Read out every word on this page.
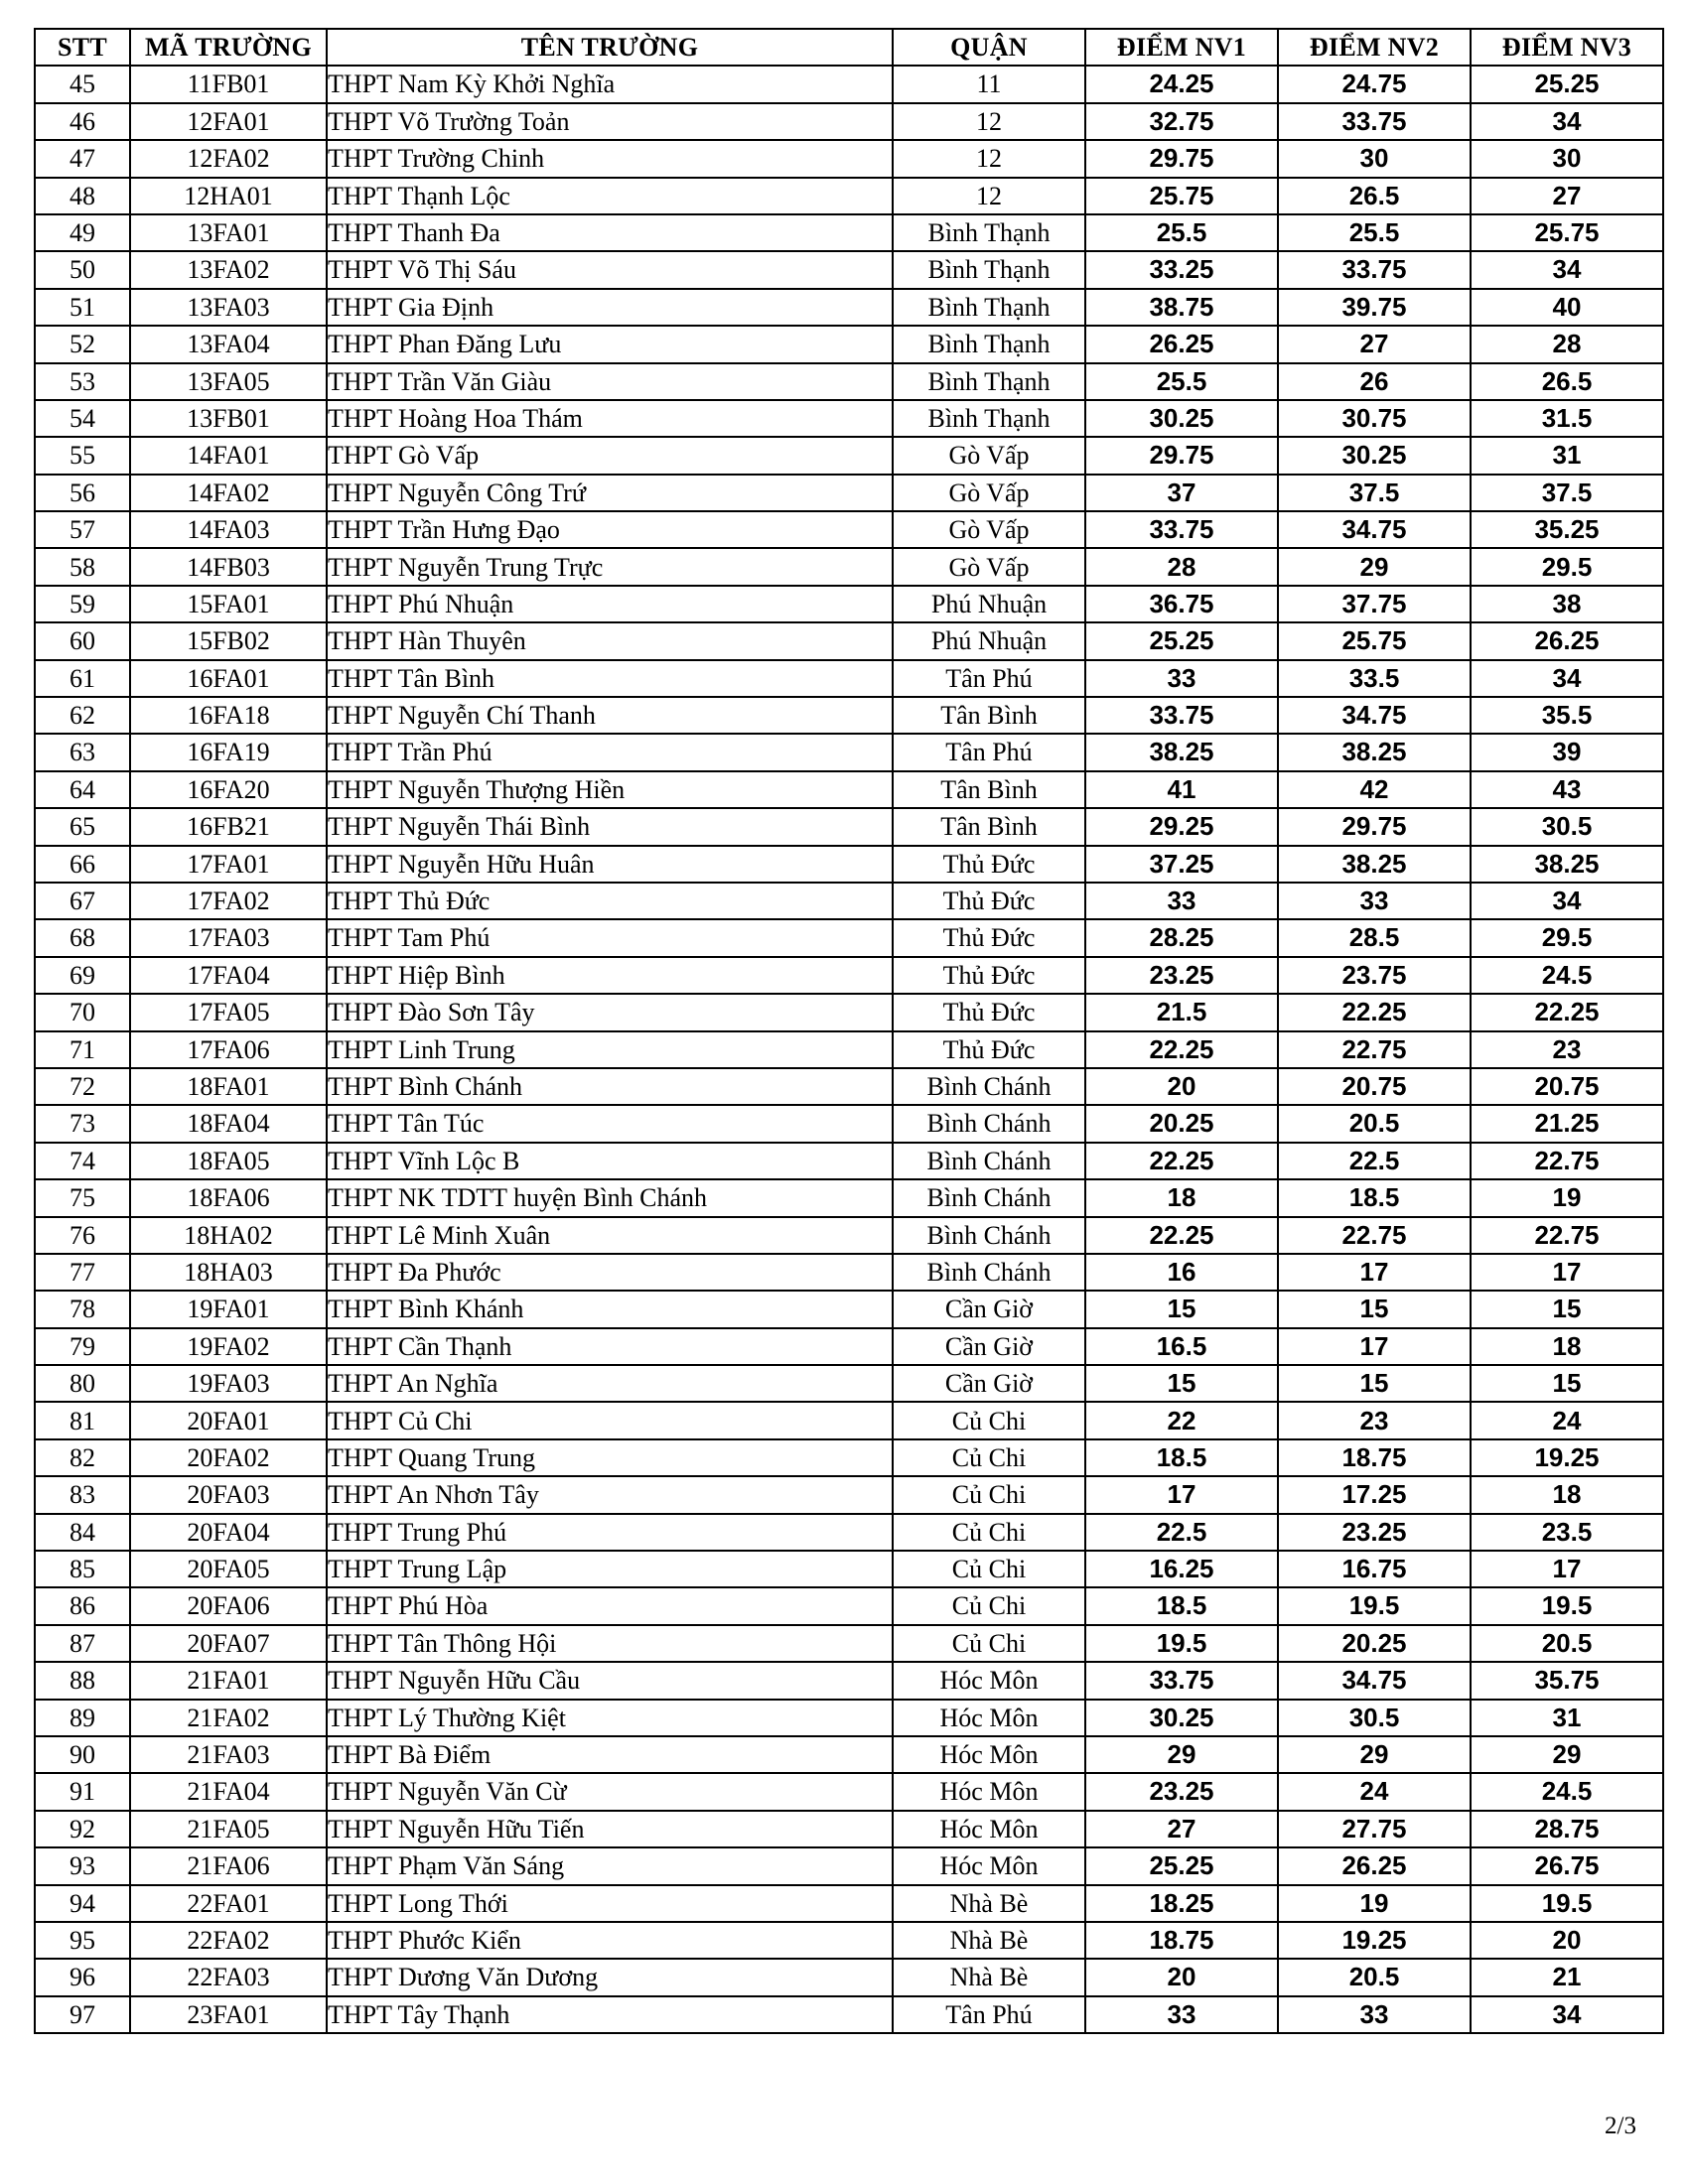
STT	MÃ TRƯỜNG	TÊN TRƯỜNG	QUẬN	ĐIỂM NV1	ĐIỂM NV2	ĐIỂM NV3
45	11FB01	THPT Nam Kỳ Khởi Nghĩa	11	24.25	24.75	25.25
46	12FA01	THPT Võ Trường Toản	12	32.75	33.75	34
47	12FA02	THPT Trường Chinh	12	29.75	30	30
48	12HA01	THPT Thạnh Lộc	12	25.75	26.5	27
49	13FA01	THPT Thanh Đa	Bình Thạnh	25.5	25.5	25.75
50	13FA02	THPT Võ Thị Sáu	Bình Thạnh	33.25	33.75	34
51	13FA03	THPT Gia Định	Bình Thạnh	38.75	39.75	40
52	13FA04	THPT Phan Đăng Lưu	Bình Thạnh	26.25	27	28
53	13FA05	THPT Trần Văn Giàu	Bình Thạnh	25.5	26	26.5
54	13FB01	THPT Hoàng Hoa Thám	Bình Thạnh	30.25	30.75	31.5
55	14FA01	THPT Gò Vấp	Gò Vấp	29.75	30.25	31
56	14FA02	THPT Nguyễn Công Trứ	Gò Vấp	37	37.5	37.5
57	14FA03	THPT Trần Hưng Đạo	Gò Vấp	33.75	34.75	35.25
58	14FB03	THPT Nguyễn Trung Trực	Gò Vấp	28	29	29.5
59	15FA01	THPT Phú Nhuận	Phú Nhuận	36.75	37.75	38
60	15FB02	THPT Hàn Thuyên	Phú Nhuận	25.25	25.75	26.25
61	16FA01	THPT Tân Bình	Tân Phú	33	33.5	34
62	16FA18	THPT Nguyễn Chí Thanh	Tân Bình	33.75	34.75	35.5
63	16FA19	THPT Trần Phú	Tân Phú	38.25	38.25	39
64	16FA20	THPT Nguyễn Thượng Hiền	Tân Bình	41	42	43
65	16FB21	THPT Nguyễn Thái Bình	Tân Bình	29.25	29.75	30.5
66	17FA01	THPT Nguyễn Hữu Huân	Thủ Đức	37.25	38.25	38.25
67	17FA02	THPT Thủ Đức	Thủ Đức	33	33	34
68	17FA03	THPT Tam Phú	Thủ Đức	28.25	28.5	29.5
69	17FA04	THPT Hiệp Bình	Thủ Đức	23.25	23.75	24.5
70	17FA05	THPT Đào Sơn Tây	Thủ Đức	21.5	22.25	22.25
71	17FA06	THPT Linh Trung	Thủ Đức	22.25	22.75	23
72	18FA01	THPT Bình Chánh	Bình Chánh	20	20.75	20.75
73	18FA04	THPT Tân Túc	Bình Chánh	20.25	20.5	21.25
74	18FA05	THPT Vĩnh Lộc B	Bình Chánh	22.25	22.5	22.75
75	18FA06	THPT NK TDTT huyện Bình Chánh	Bình Chánh	18	18.5	19
76	18HA02	THPT Lê Minh Xuân	Bình Chánh	22.25	22.75	22.75
77	18HA03	THPT Đa Phước	Bình Chánh	16	17	17
78	19FA01	THPT Bình Khánh	Cần Giờ	15	15	15
79	19FA02	THPT Cần Thạnh	Cần Giờ	16.5	17	18
80	19FA03	THPT An Nghĩa	Cần Giờ	15	15	15
81	20FA01	THPT Củ Chi	Củ Chi	22	23	24
82	20FA02	THPT Quang Trung	Củ Chi	18.5	18.75	19.25
83	20FA03	THPT An Nhơn Tây	Củ Chi	17	17.25	18
84	20FA04	THPT Trung Phú	Củ Chi	22.5	23.25	23.5
85	20FA05	THPT Trung Lập	Củ Chi	16.25	16.75	17
86	20FA06	THPT Phú Hòa	Củ Chi	18.5	19.5	19.5
87	20FA07	THPT Tân Thông Hội	Củ Chi	19.5	20.25	20.5
88	21FA01	THPT Nguyễn Hữu Cầu	Hóc Môn	33.75	34.75	35.75
89	21FA02	THPT Lý Thường Kiệt	Hóc Môn	30.25	30.5	31
90	21FA03	THPT Bà Điểm	Hóc Môn	29	29	29
91	21FA04	THPT Nguyễn Văn Cừ	Hóc Môn	23.25	24	24.5
92	21FA05	THPT Nguyễn Hữu Tiến	Hóc Môn	27	27.75	28.75
93	21FA06	THPT Phạm Văn Sáng	Hóc Môn	25.25	26.25	26.75
94	22FA01	THPT Long Thới	Nhà Bè	18.25	19	19.5
95	22FA02	THPT Phước Kiển	Nhà Bè	18.75	19.25	20
96	22FA03	THPT Dương Văn Dương	Nhà Bè	20	20.5	21
97	23FA01	THPT Tây Thạnh	Tân Phú	33	33	34
2/3
